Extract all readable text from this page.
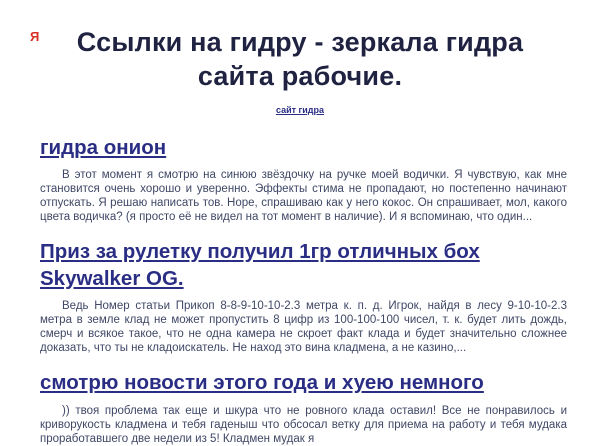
Я	Ссылки на гидру - зеркала гидра
сайта рабочие.
сайт гидра
гидра онион

В этот момент я смотрю на синюю звёздочку на ручке моей водички. Я чувствую, как мне становится очень хорошо и уверенно. Эффекты стима не пропадают, но постепенно начинают отпускать. Я решаю написать тов. Норе, спрашиваю как у него кокос. Он спрашивает, мол, какого цвета водичка? (я просто её не видел на тот момент в наличие). И я вспоминаю, что один...

Приз за рулетку получил 1гр отличных бох Skywalker OG.

Ведь Номер статьи Прикоп 8-8-9-10-10-2.3 метра к. п. д. Игрок, найдя в лесу 9-10-10-2.3 метра в земле клад не может пропустить 8 цифр из 100-100-100 чисел, т. к. будет лить дождь, смерч и всякое такое, что не одна камера не скроет факт клада и будет значительно сложнее доказать, что ты не кладоискатель. Не наход это вина кладмена, а не казино,...

смотрю новости этого года и хуею немного

)) твоя проблема так еще и шкура что не ровного клада оставил! Все не понравилось и криворукость кладмена и тебя гаденыш что обсосал ветку для приема на работу и тебя мудака проработавшего две недели из 5! Кладмен мудак я
